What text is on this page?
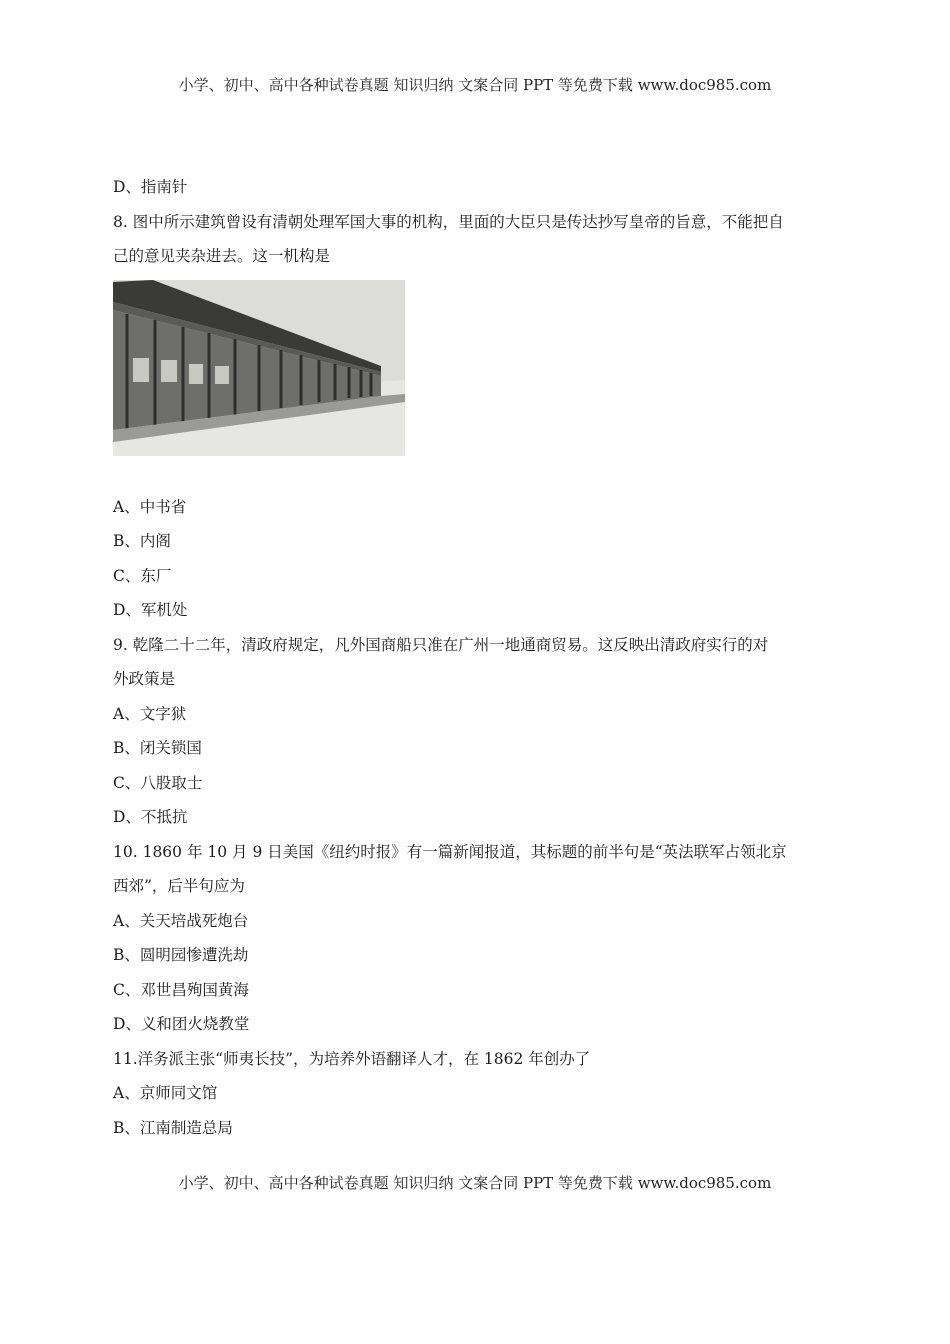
小学、初中、高中各种试卷真题 知识归纳 文案合同 PPT 等免费下载 www.doc985.com
D、指南针
8. 图中所示建筑曾设有清朝处理军国大事的机构，里面的大臣只是传达抄写皇帝的旨意，不能把自
己的意见夹杂进去。这一机构是
A、中书省
B、内阁
C、东厂
D、军机处
9. 乾隆二十二年，清政府规定，凡外国商船只准在广州一地通商贸易。这反映出清政府实行的对
外政策是
A、文字狱
B、闭关锁国
C、八股取士
D、不抵抗
10. 1860 年 10 月 9 日美国《纽约时报》有一篇新闻报道，其标题的前半句是“英法联军占领北京
西郊”，后半句应为
A、关天培战死炮台
B、圆明园惨遭洗劫
C、邓世昌殉国黄海
D、义和团火烧教堂
11.洋务派主张“师夷长技”，为培养外语翻译人才，在 1862 年创办了
A、京师同文馆
B、江南制造总局
小学、初中、高中各种试卷真题 知识归纳 文案合同 PPT 等免费下载 www.doc985.com
